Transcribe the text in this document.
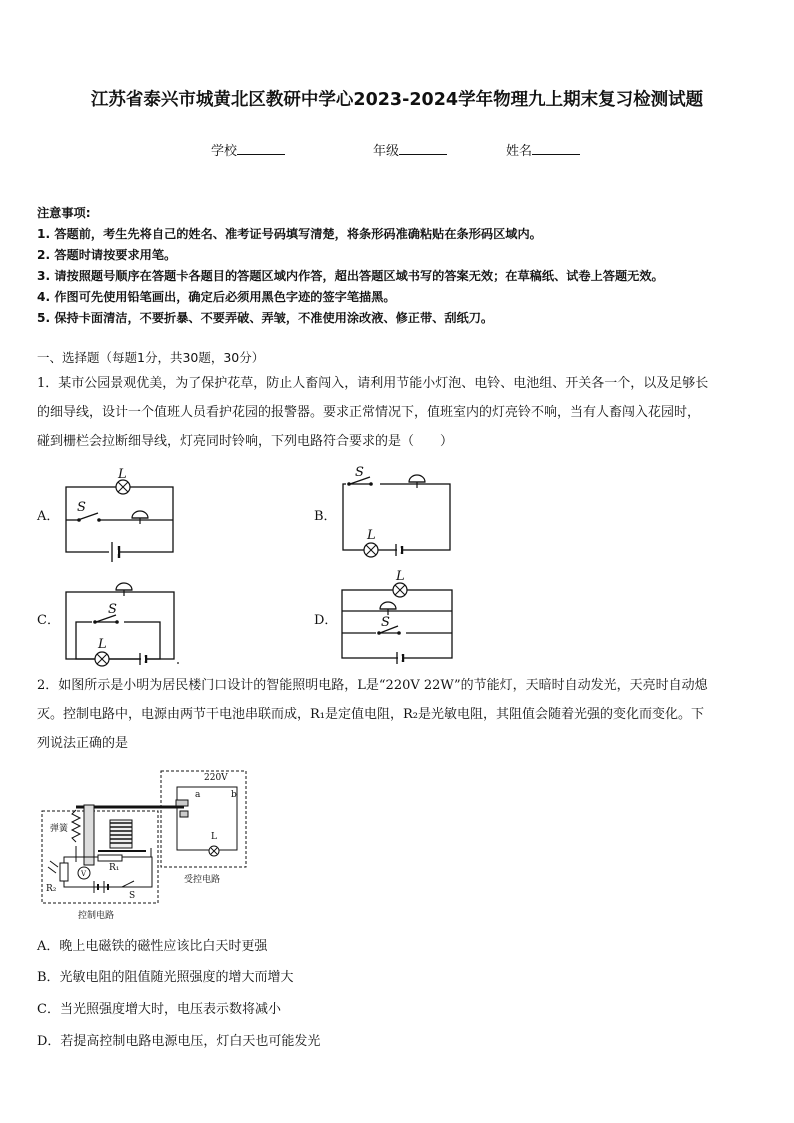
江苏省泰兴市城黄北区教研中学心2023-2024学年物理九上期末复习检测试题
学校	年级	姓名
注意事项:
1. 答题前，考生先将自己的姓名、准考证号码填写清楚，将条形码准确粘贴在条形码区域内。
2. 答题时请按要求用笔。
3. 请按照题号顺序在答题卡各题目的答题区域内作答，超出答题区域书写的答案无效；在草稿纸、试卷上答题无效。
4. 作图可先使用铅笔画出，确定后必须用黑色字迹的签字笔描黑。
5. 保持卡面清洁，不要折暴、不要弄破、弄皱，不准使用涂改液、修正带、刮纸刀。
一、选择题（每题1分，共30题，30分）
1．某市公园景观优美，为了保护花草，防止人畜闯入，请利用节能小灯泡、电铃、电池组、开关各一个，以及足够长
的细导线，设计一个值班人员看护花园的报警器。要求正常情况下，值班室内的灯亮铃不响，当有人畜闯入花园时，
碰到栅栏会拉断细导线，灯亮同时铃响，下列电路符合要求的是（　　）
A．	B．
C．	D．
L
S
S
L
S
L
L
S
2．如图所示是小明为居民楼门口设计的智能照明电路，L是“220V 22W”的节能灯，天暗时自动发光，天亮时自动熄
灭。控制电路中，电源由两节干电池串联而成，R₁是定值电阻，R₂是光敏电阻，其阻值会随着光强的变化而变化。下
列说法正确的是
220V
a	b
L
弹簧
R₁
R₂
V
S
受控电路
控制电路
A．晚上电磁铁的磁性应该比白天时更强
B．光敏电阻的阻值随光照强度的增大而增大
C．当光照强度增大时，电压表示数将减小
D．若提高控制电路电源电压，灯白天也可能发光
